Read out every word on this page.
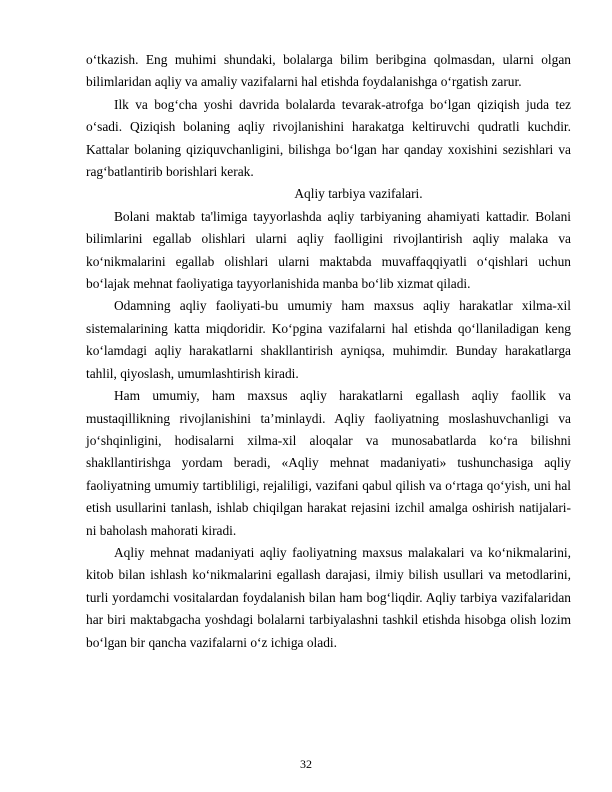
o‘tkazish. Eng muhimi shundaki, bolalarga bilim beribgina qolmasdan, ularni olgan bilimlaridan aqliy va amaliy vazifalarni hal etishda foydalanishga o‘rgatish zarur.

Ilk va bog‘cha yoshi davrida bolalarda tevarak-atrofga bo‘lgan qiziqish juda tez o‘sadi. Qiziqish bolaning aqliy rivojlanishini harakatga keltiruvchi qudratli kuchdir. Kattalar bolaning qiziquvchanligini, bilishga bo‘lgan har qanday xoxishini sezishlari va rag‘batlantirib borishlari kerak.

Aqliy tarbiya vazifalari.

Bolani maktab ta'limiga tayyorlashda aqliy tarbiyaning ahamiyati kattadir. Bolani bilimlarini egallab olishlari ularni aqliy faolligini rivojlantirish aqliy malaka va ko‘nikmalarini egallab olishlari ularni maktabda muvaffaqqiyatli o‘qishlari uchun bo‘lajak mehnat faoliyatiga tayyorlanishida manba bo‘lib xizmat qiladi.

Odamning aqliy faoliyati-bu umumiy ham maxsus aqliy harakatlar xilma-xil sistemalarining katta miqdoridir. Ko‘pgina vazifalarni hal etishda qo‘llaniladigan keng ko‘lamdagi aqliy harakatlarni shakllantirish ayniqsa, muhimdir. Bunday harakatlarga tahlil, qiyoslash, umumlashtirish kiradi.

Ham umumiy, ham maxsus aqliy harakatlarni egallash aqliy faollik va mustaqillikning rivojlanishini ta’minlaydi. Aqliy faoliyatning moslashuvchanligi va jo‘shqinligini, hodisalarni xilma-xil aloqalar va munosabatlarda ko‘ra bilishni shakllantirishga yordam beradi, «Aqliy mehnat madaniyati» tushunchasiga aqliy faoliyatning umumiy tartibliligi, rejaliligi, vazifani qabul qilish va o‘rtaga qo‘yish, uni hal etish usullarini tanlash, ishlab chiqilgan harakat rejasini izchil amalga oshirish natijalari- ni baholash mahorati kiradi.

Aqliy mehnat madaniyati aqliy faoliyatning maxsus malakalari va ko‘nikmalarini, kitob bilan ishlash ko‘nikmalarini egallash darajasi, ilmiy bilish usullari va metodlarini, turli yordamchi vositalardan foydalanish bilan ham bog‘liqdir. Aqliy tarbiya vazifalaridan har biri maktabgacha yoshdagi bolalarni tarbiyalashni tashkil etishda hisobga olish lozim bo‘lgan bir qancha vazifalarni o‘z ichiga oladi.

32
